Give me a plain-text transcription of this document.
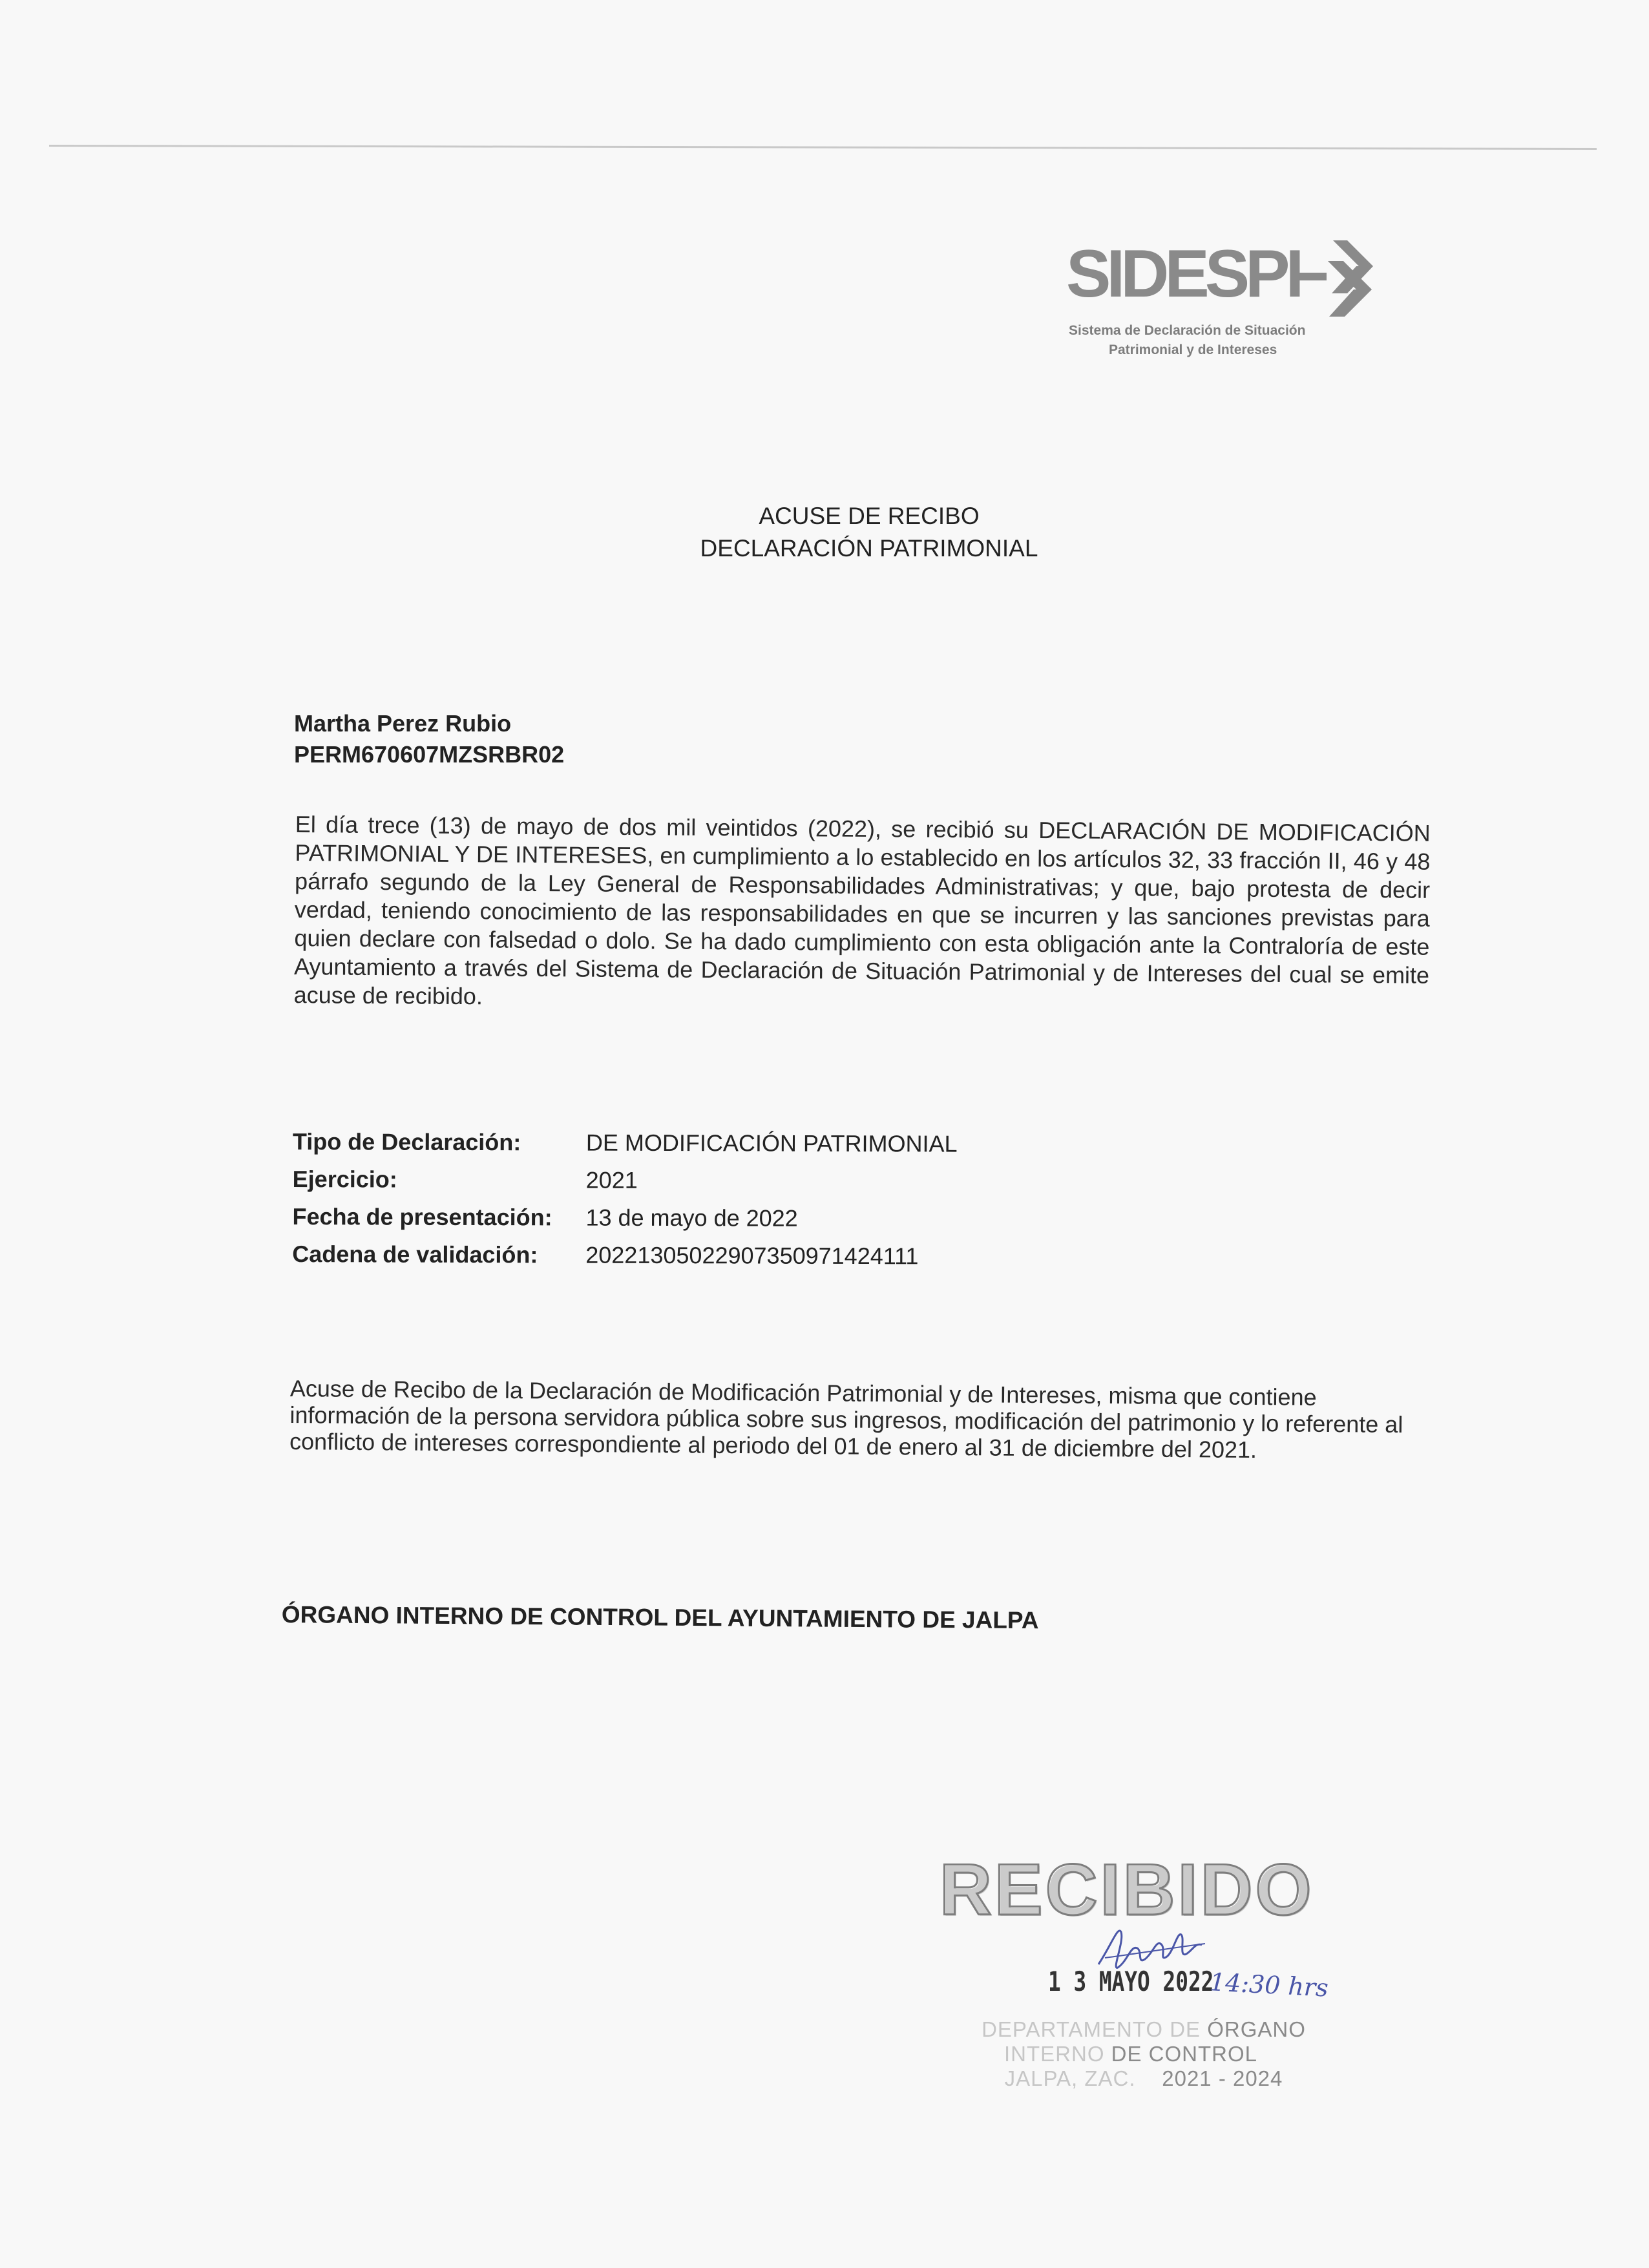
SIDESPI
Sistema de Declaración de Situación
Patrimonial y de Intereses
ACUSE DE RECIBO
DECLARACIÓN PATRIMONIAL
Martha Perez Rubio
PERM670607MZSRBR02
El día trece (13) de mayo de dos mil veintidos (2022), se recibió su DECLARACIÓN DE MODIFICACIÓN PATRIMONIAL Y DE INTERESES, en cumplimiento a lo establecido en los artículos 32, 33 fracción II, 46 y 48 párrafo segundo de la Ley General de Responsabilidades Administrativas; y que, bajo protesta de decir verdad, teniendo conocimiento de las responsabilidades en que se incurren y las sanciones previstas para quien declare con falsedad o dolo. Se ha dado cumplimiento con esta obligación ante la Contraloría de este Ayuntamiento a través del Sistema de Declaración de Situación Patrimonial y de Intereses del cual se emite acuse de recibido.
Tipo de Declaración:	DE MODIFICACIÓN PATRIMONIAL
Ejercicio:	2021
Fecha de presentación:	13 de mayo de 2022
Cadena de validación:	20221305022907350971424111
Acuse de Recibo de la Declaración de Modificación Patrimonial y de Intereses, misma que contiene información de la persona servidora pública sobre sus ingresos, modificación del patrimonio y lo referente al conflicto de intereses correspondiente al periodo del 01 de enero al 31 de diciembre del 2021.
ÓRGANO INTERNO DE CONTROL DEL AYUNTAMIENTO DE JALPA
RECIBIDO
1 3 MAYO 2022
14:30 hrs
DEPARTAMENTO DE ÓRGANO
INTERNO DE CONTROL
JALPA, ZAC. 2021 - 2024
